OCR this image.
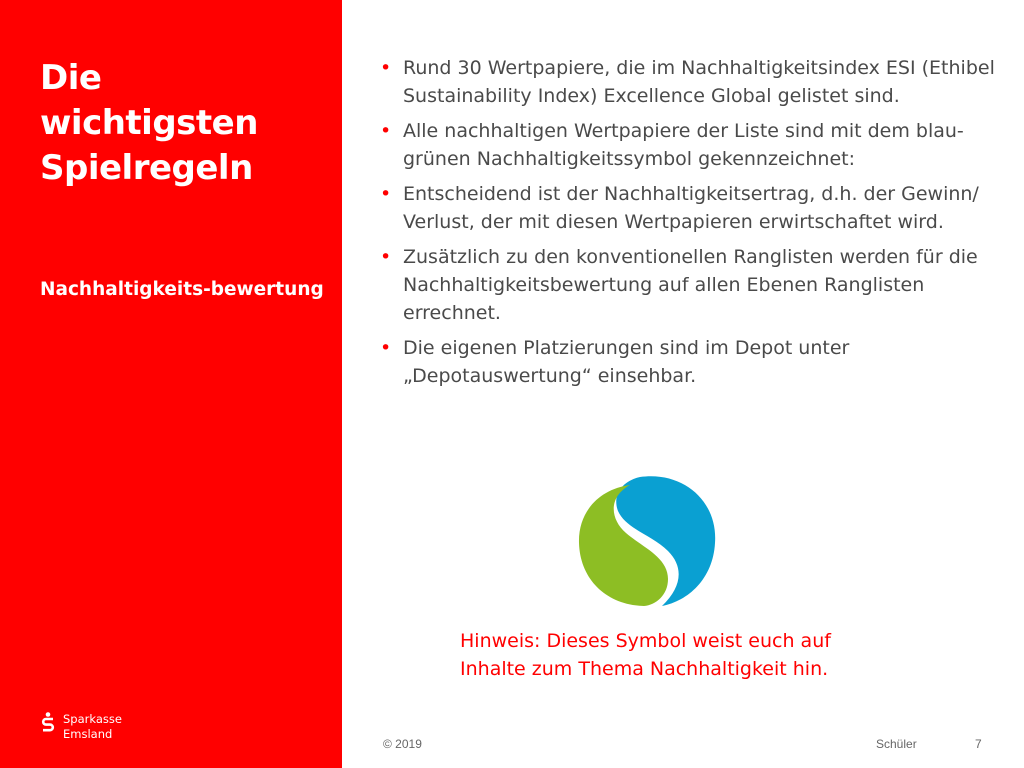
Die wichtigsten Spielregeln
Nachhaltigkeits-bewertung
Sparkasse
Emsland
• Rund 30 Wertpapiere, die im Nachhaltigkeitsindex ESI (Ethibel Sustainability Index) Excellence Global gelistet sind.
• Alle nachhaltigen Wertpapiere der Liste sind mit dem blau-grünen Nachhaltigkeitssymbol gekennzeichnet:
• Entscheidend ist der Nachhaltigkeitsertrag, d.h. der Gewinn/ Verlust, der mit diesen Wertpapieren erwirtschaftet wird.
• Zusätzlich zu den konventionellen Ranglisten werden für die Nachhaltigkeitsbewertung auf allen Ebenen Ranglisten errechnet.
• Die eigenen Platzierungen sind im Depot unter „Depotauswertung“ einsehbar.
Hinweis: Dieses Symbol weist euch auf Inhalte zum Thema Nachhaltigkeit hin.
© 2019	Schüler	7
